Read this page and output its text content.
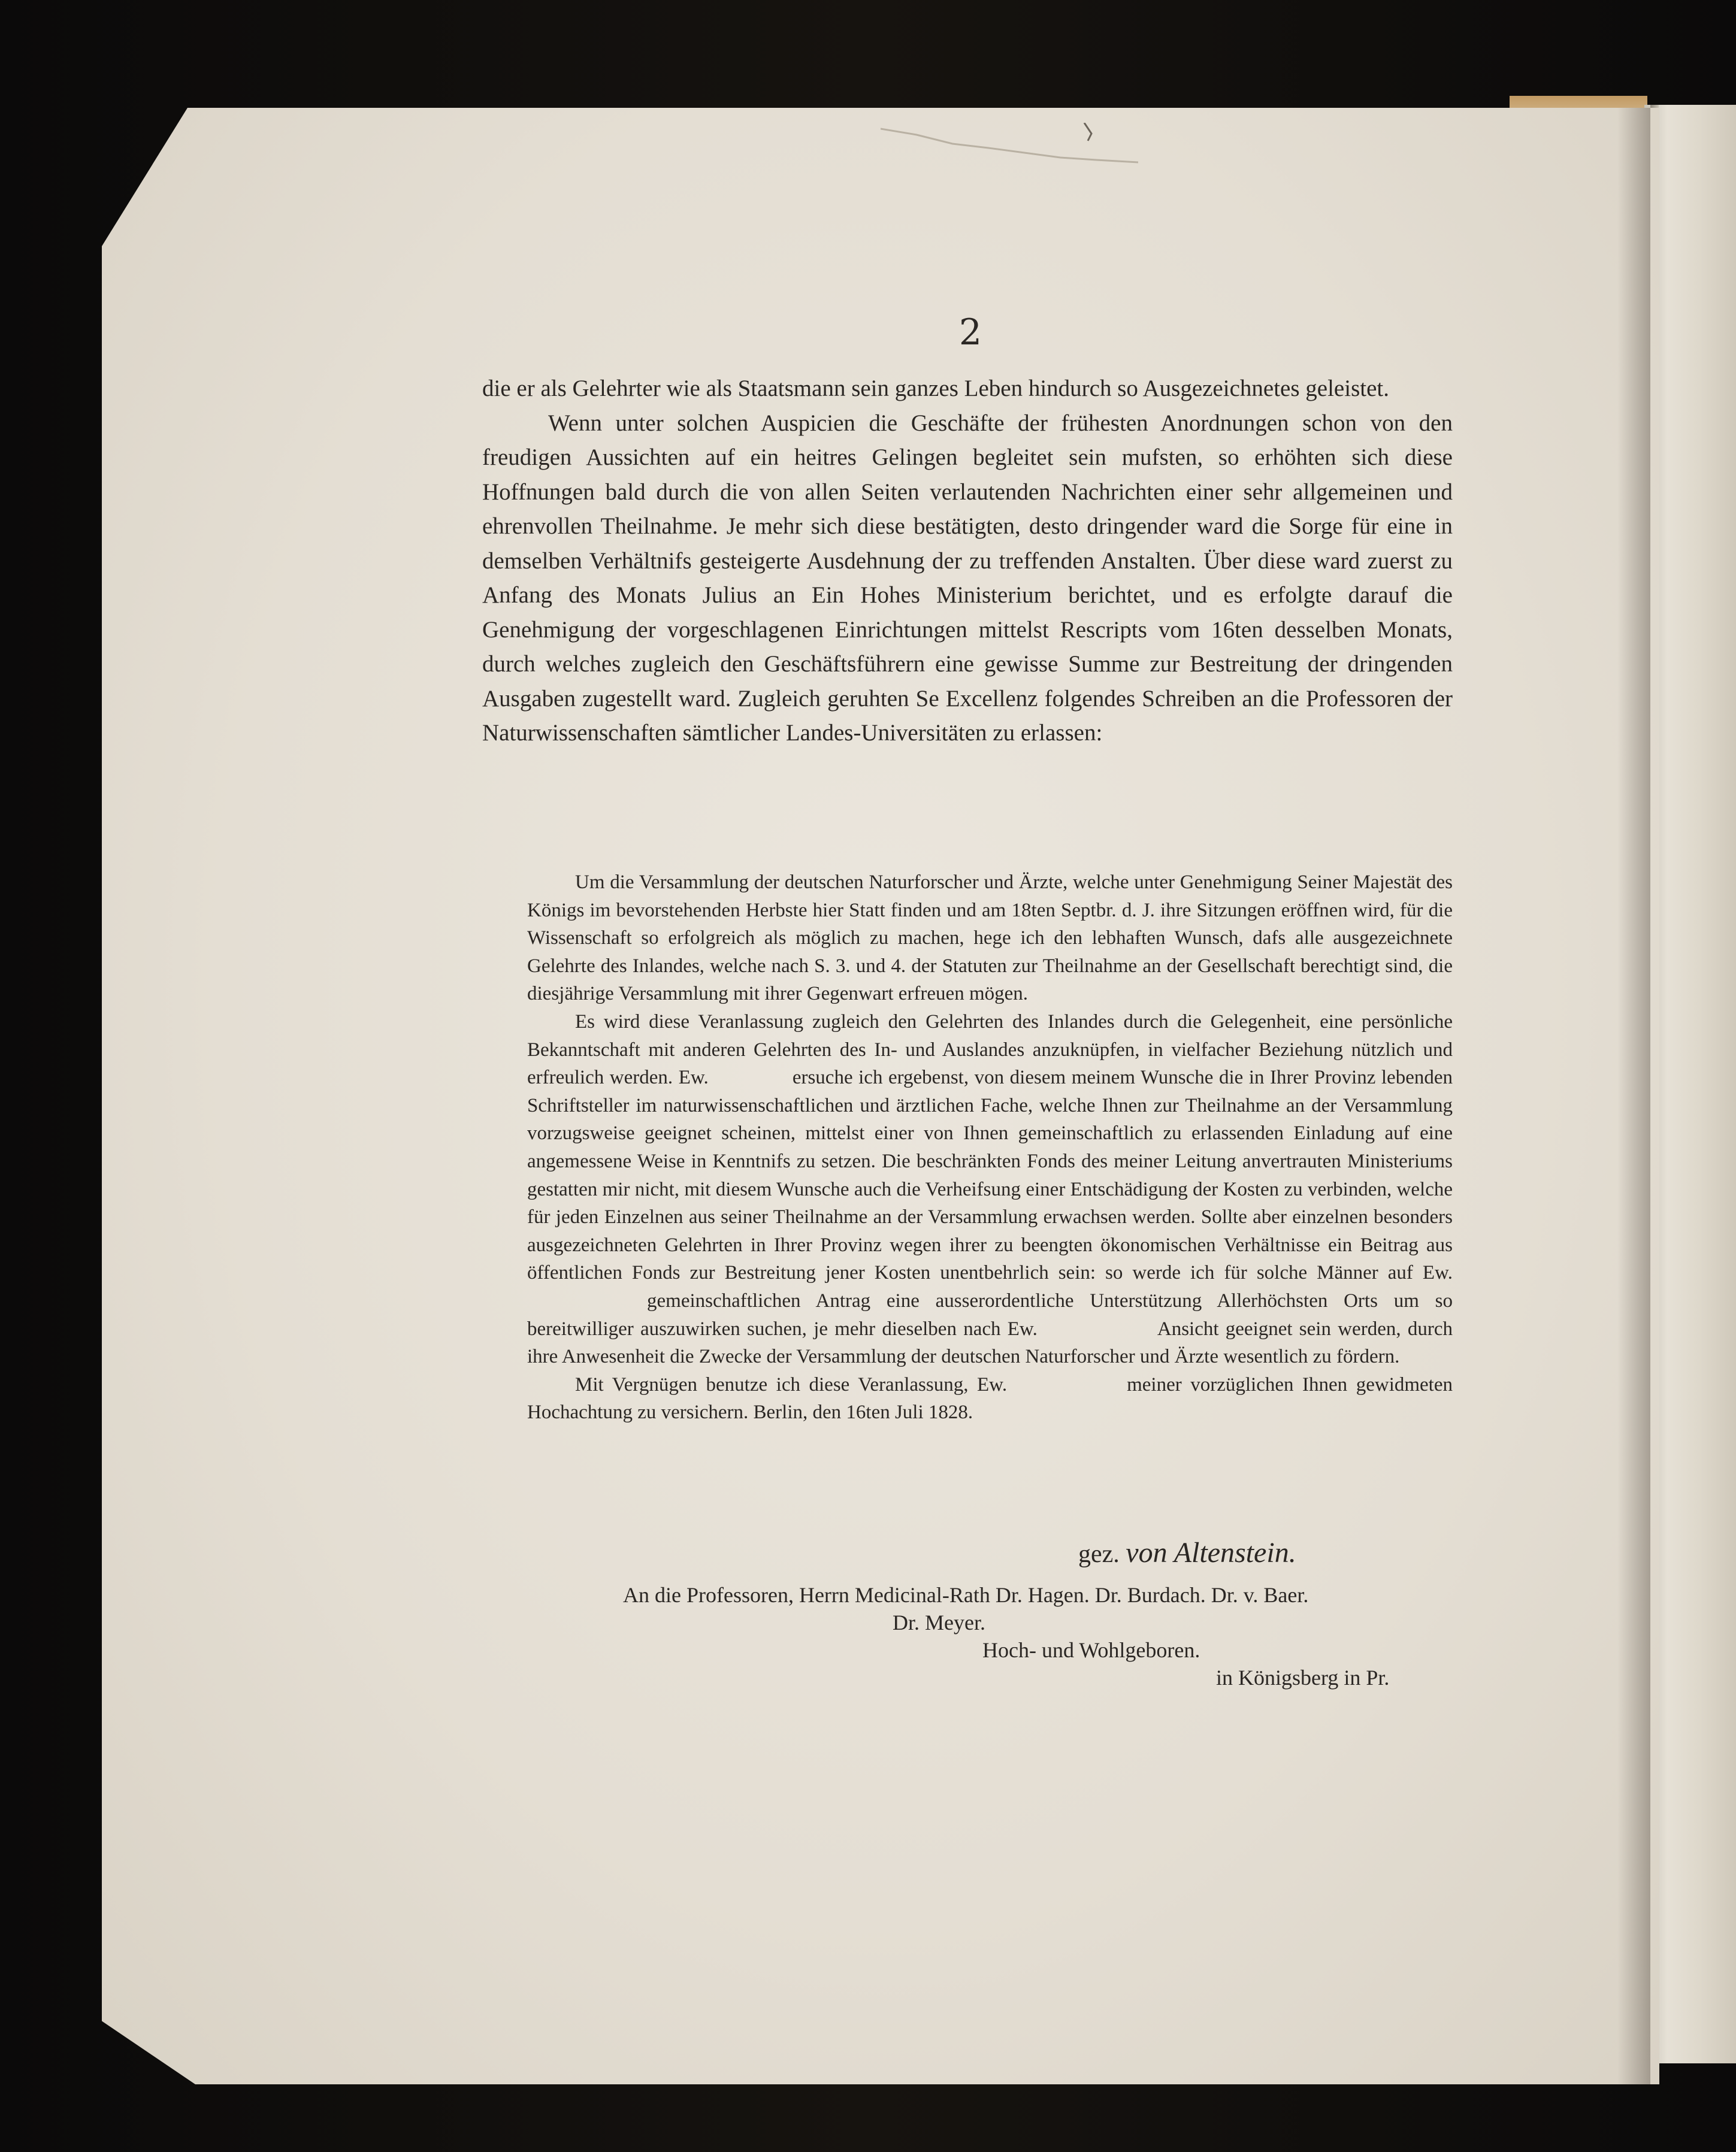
2

die er als Gelehrter wie als Staatsmann sein ganzes Leben hindurch so Ausgezeichnetes geleistet.

Wenn unter solchen Auspicien die Geschäfte der frühesten Anordnungen schon von den freudigen Aussichten auf ein heitres Gelingen begleitet sein mufsten, so erhöhten sich diese Hoffnungen bald durch die von allen Seiten verlautenden Nachrichten einer sehr allgemeinen und ehrenvollen Theilnahme. Je mehr sich diese bestätigten, desto dringender ward die Sorge für eine in demselben Verhältnifs gesteigerte Ausdehnung der zu treffenden Anstalten. Über diese ward zuerst zu Anfang des Monats Julius an Ein Hohes Ministerium berichtet, und es erfolgte darauf die Genehmigung der vorgeschlagenen Einrichtungen mittelst Rescripts vom 16ten desselben Monats, durch welches zugleich den Geschäftsführern eine gewisse Summe zur Bestreitung der dringenden Ausgaben zugestellt ward. Zugleich geruhten Se Excellenz folgendes Schreiben an die Professoren der Naturwissenschaften sämtlicher Landes-Universitäten zu erlassen:

Um die Versammlung der deutschen Naturforscher und Ärzte, welche unter Genehmigung Seiner Majestät des Königs im bevorstehenden Herbste hier Statt finden und am 18ten Septbr. d. J. ihre Sitzungen eröffnen wird, für die Wissenschaft so erfolgreich als möglich zu machen, hege ich den lebhaften Wunsch, dafs alle ausgezeichnete Gelehrte des Inlandes, welche nach S. 3. und 4. der Statuten zur Theilnahme an der Gesellschaft berechtigt sind, die diesjährige Versammlung mit ihrer Gegenwart erfreuen mögen.

Es wird diese Veranlassung zugleich den Gelehrten des Inlandes durch die Gelegenheit, eine persönliche Bekanntschaft mit anderen Gelehrten des In- und Auslandes anzuknüpfen, in vielfacher Beziehung nützlich und erfreulich werden. Ew.	ersuche ich ergebenst, von diesem meinem Wunsche die in Ihrer Provinz lebenden Schriftsteller im naturwissenschaftlichen und ärztlichen Fache, welche Ihnen zur Theilnahme an der Versammlung vorzugsweise geeignet scheinen, mittelst einer von Ihnen gemeinschaftlich zu erlassenden Einladung auf eine angemessene Weise in Kenntnifs zu setzen. Die beschränkten Fonds des meiner Leitung anvertrauten Ministeriums gestatten mir nicht, mit diesem Wunsche auch die Verheifsung einer Entschädigung der Kosten zu verbinden, welche für jeden Einzelnen aus seiner Theilnahme an der Versammlung erwachsen werden. Sollte aber einzelnen besonders ausgezeichneten Gelehrten in Ihrer Provinz wegen ihrer zu beengten ökonomischen Verhältnisse ein Beitrag aus öffentlichen Fonds zur Bestreitung jener Kosten unentbehrlich sein: so werde ich für solche Männer auf Ew.gemeinschaftlichen Antrag eine ausserordentliche Unterstützung Allerhöchsten Orts um so bereitwilliger auszuwirken suchen, je mehr dieselben nach Ew.	Ansicht geeignet sein werden, durch ihre Anwesenheit die Zwecke der Versammlung der deutschen Naturforscher und Ärzte wesentlich zu fördern.

Mit Vergnügen benutze ich diese Veranlassung, Ew.	meiner vorzüglichen Ihnen gewidmeten Hochachtung zu versichern. Berlin, den 16ten Juli 1828.

gez. von Altenstein.
An die Professoren, Herrn Medicinal-Rath Dr. Hagen. Dr. Burdach. Dr. v. Baer.
Dr. Meyer.
Hoch- und Wohlgeboren.
in Königsberg in Pr.
